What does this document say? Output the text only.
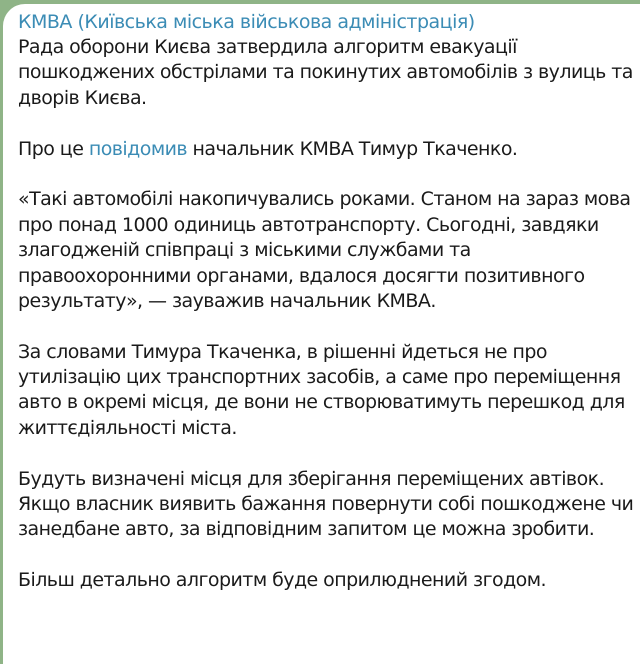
КМВА (Київська міська військова адміністрація)
Рада оборони Києва затвердила алгоритм евакуації
пошкоджених обстрілами та покинутих автомобілів з вулиць та
дворів Києва.
Про це повідомив начальник КМВА Тимур Ткаченко.
«Такі автомобілі накопичувались роками. Станом на зараз мова
про понад 1000 одиниць автотранспорту. Сьогодні, завдяки
злагодженій співпраці з міськими службами та
правоохоронними органами, вдалося досягти позитивного
результату», — зауважив начальник КМВА.
За словами Тимура Ткаченка, в рішенні йдеться не про
утилізацію цих транспортних засобів, а саме про переміщення
авто в окремі місця, де вони не створюватимуть перешкод для
життєдіяльності міста.
Будуть визначені місця для зберігання переміщених автівок.
Якщо власник виявить бажання повернути собі пошкоджене чи
занедбане авто, за відповідним запитом це можна зробити.
Більш детально алгоритм буде оприлюднений згодом.
